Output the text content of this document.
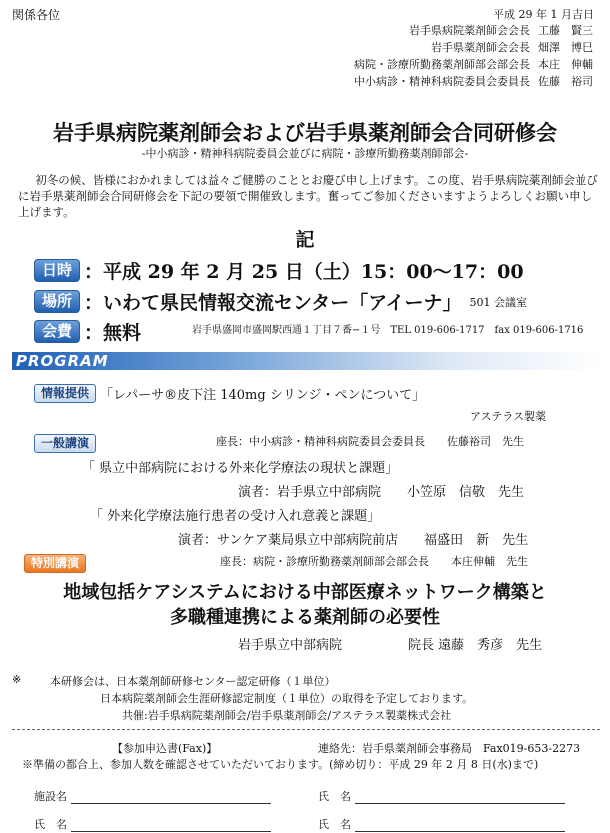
関係各位	平成 29 年 1 月吉日
岩手県病院薬剤師会会長 工藤　賢三
岩手県薬剤師会会長 畑澤　博巳
病院・診療所勤務薬剤師部会部会長 本庄　伸輔
中小病診・精神科病院委員会委員長 佐藤　裕司
岩手県病院薬剤師会および岩手県薬剤師会合同研修会
-中小病診・精神科病院委員会並びに病院・診療所勤務薬剤師部会-
初冬の候、皆様におかれましては益々ご健勝のこととお慶び申し上げます。この度、岩手県病院薬剤師会並びに岩手県薬剤師会合同研修会を下記の要領で開催致します。奮ってご参加くださいますようよろしくお願い申し上げます。
記
日時 ：平成 29 年 2 月 25 日（土）15：00～17：00
場所 ：いわて県民情報交流センター「アイーナ」 501 会議室
会費 ：無料	岩手県盛岡市盛岡駅西通１丁目７番−１号　TEL 019-606-1717　fax 019-606-1716
PROGRAM
情報提供 「レパーサ®皮下注 140mg シリンジ・ペンについて」
アステラス製薬
一般講演	座長：中小病診・精神科病院委員会委員長　　佐藤裕司　先生
「 県立中部病院における外来化学療法の現状と課題」
演者：岩手県立中部病院　　小笠原　信敬　先生
「 外来化学療法施行患者の受け入れ意義と課題」
演者：サンケア薬局県立中部病院前店　　福盛田　新　先生
特別講演	座長：病院・診療所勤務薬剤師部会部会長　　本庄伸輔　先生
地域包括ケアシステムにおける中部医療ネットワーク構築と
多職種連携による薬剤師の必要性
岩手県立中部病院	院長 遠藤　秀彦　先生
※	本研修会は、日本薬剤師研修センター認定研修（１単位）
日本病院薬剤師会生涯研修認定制度（１単位）の取得を予定しております。
共催:岩手県病院薬剤師会/岩手県薬剤師会/アステラス製薬株式会社
【参加申込書(Fax)】	連絡先：岩手県薬剤師会事務局　Fax019-653-2273
※準備の都合上、参加人数を確認させていただいております。(締め切り：平成 29 年 2 月 8 日(水)まで)
施設名	氏　名
氏　名	氏　名
